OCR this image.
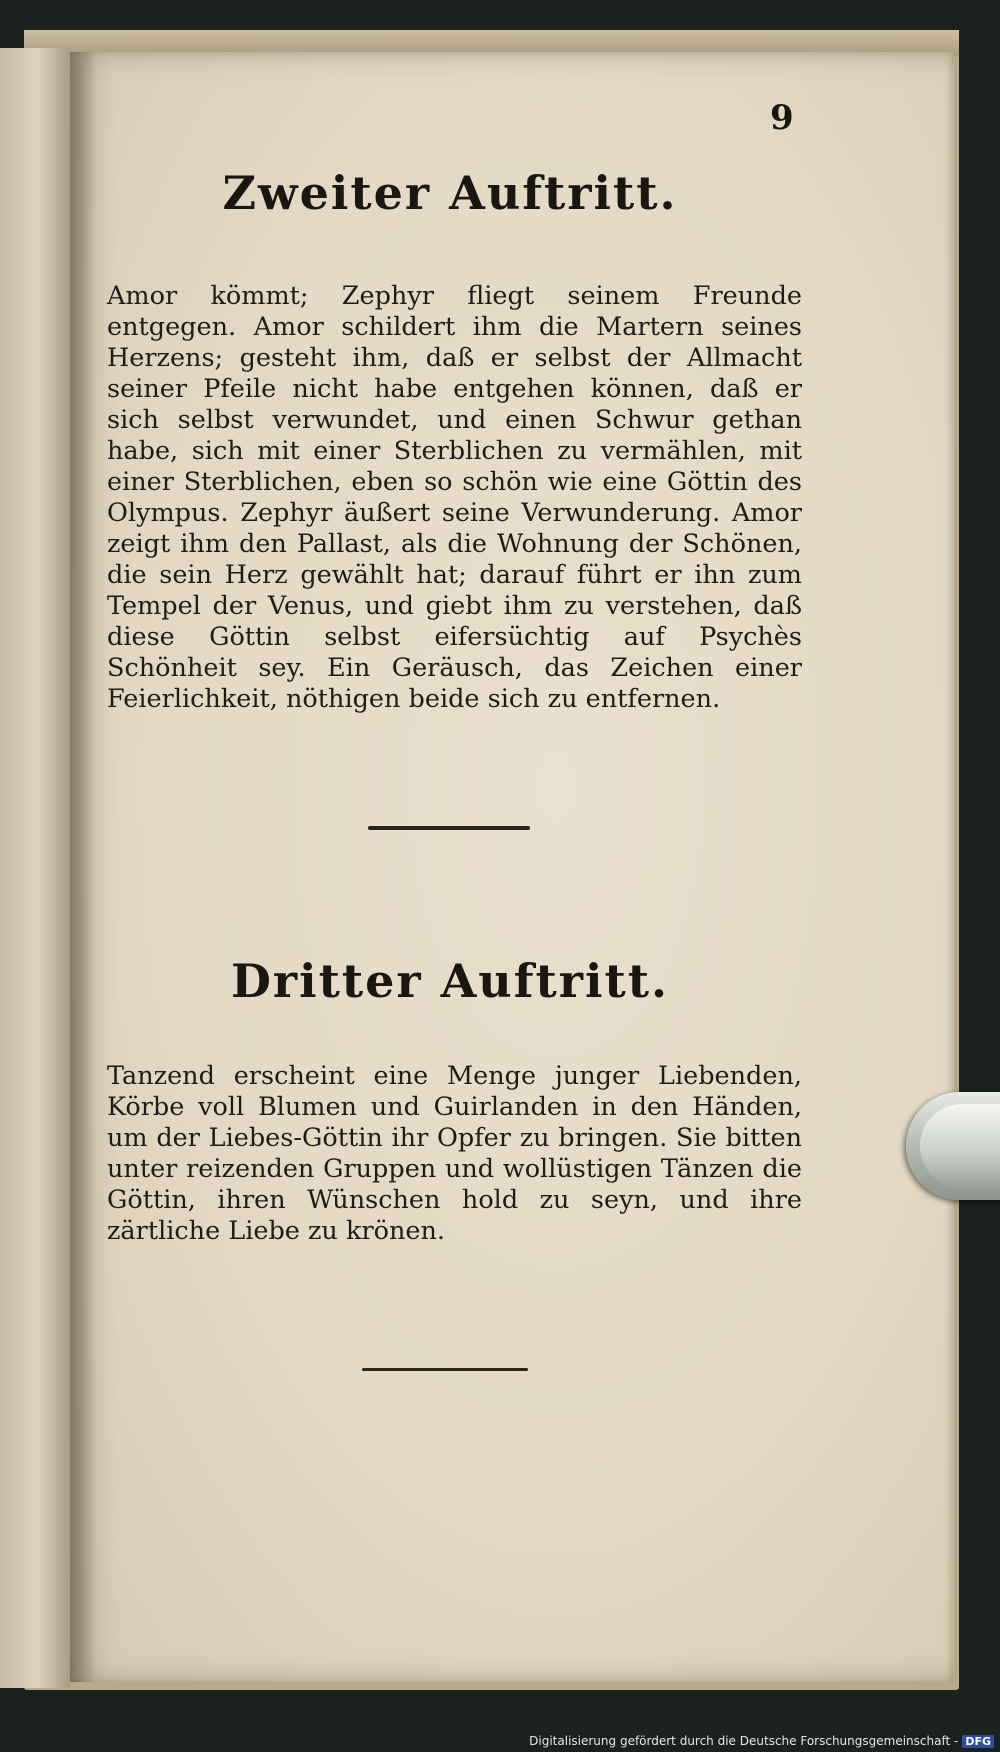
9
Zweiter Auftritt.

Amor kömmt; Zephyr fliegt seinem Freunde entgegen. Amor schildert ihm die Martern seines Herzens; gesteht ihm, daß er selbst der Allmacht seiner Pfeile nicht habe entgehen können, daß er sich selbst verwundet, und einen Schwur gethan habe, sich mit einer Sterblichen zu vermählen, mit einer Sterblichen, eben so schön wie eine Göttin des Olympus. Zephyr äußert seine Verwunderung. Amor zeigt ihm den Pallast, als die Wohnung der Schönen, die sein Herz gewählt hat; darauf führt er ihn zum Tempel der Venus, und giebt ihm zu verstehen, daß diese Göttin selbst eifersüchtig auf Psychès Schönheit sey. Ein Geräusch, das Zeichen einer Feierlichkeit, nöthigen beide sich zu entfernen.

Dritter Auftritt.

Tanzend erscheint eine Menge junger Liebenden, Körbe voll Blumen und Guirlanden in den Händen, um der Liebes-Göttin ihr Opfer zu bringen. Sie bitten unter reizenden Gruppen und wollüstigen Tänzen die Göttin, ihren Wünschen hold zu seyn, und ihre zärtliche Liebe zu krönen.

Digitalisierung gefördert durch die Deutsche Forschungsgemeinschaft - DFG
